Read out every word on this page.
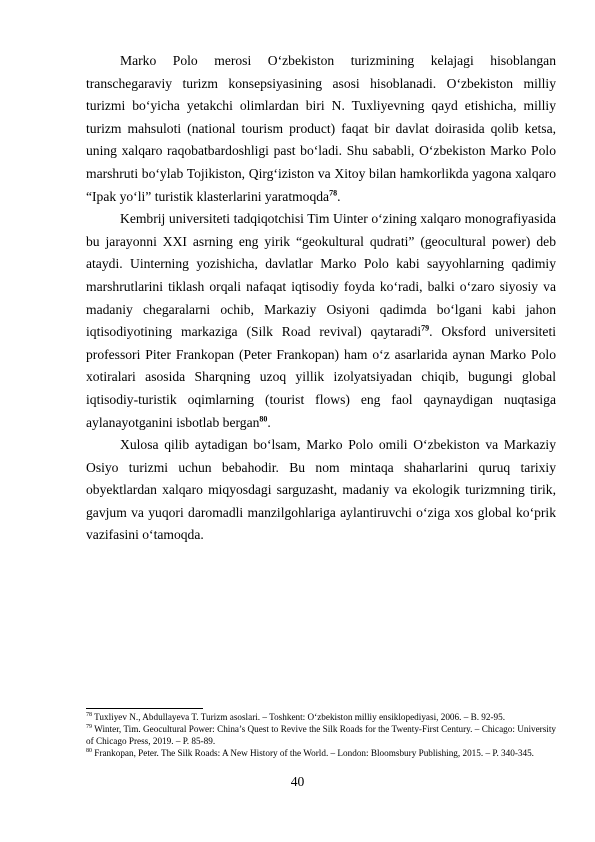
Marko Polo merosi O‘zbekiston turizmining kelajagi hisoblangan transchegaraviy turizm konsepsiyasining asosi hisoblanadi. O‘zbekiston milliy turizmi bo‘yicha yetakchi olimlardan biri N. Tuxliyevning qayd etishicha, milliy turizm mahsuloti (national tourism product) faqat bir davlat doirasida qolib ketsa, uning xalqaro raqobatbardoshligi past bo‘ladi. Shu sababli, O‘zbekiston Marko Polo marshruti bo‘ylab Tojikiston, Qirg‘iziston va Xitoy bilan hamkorlikda yagona xalqaro “Ipak yo‘li” turistik klasterlarini yaratmoqda$^{78}$.

Kembrij universiteti tadqiqotchisi Tim Uinter o‘zining xalqaro monografiyasida bu jarayonni XXI asrning eng yirik “geokultural qudrati” (geocultural power) deb ataydi. Uinterning yozishicha, davlatlar Marko Polo kabi sayyohlarning qadimiy marshrutlarini tiklash orqali nafaqat iqtisodiy foyda ko‘radi, balki o‘zaro siyosiy va madaniy chegaralarni ochib, Markaziy Osiyoni qadimda bo‘lgani kabi jahon iqtisodiyotining markaziga (Silk Road revival) qaytaradi$^{79}$. Oksford universiteti professori Piter Frankopan (Peter Frankopan) ham o‘z asarlarida aynan Marko Polo xotiralari asosida Sharqning uzoq yillik izolyatsiyadan chiqib, bugungi global iqtisodiy-turistik oqimlarning (tourist flows) eng faol qaynaydigan nuqtasiga aylanayotganini isbotlab bergan$^{80}$.

Xulosa qilib aytadigan bo‘lsam, Marko Polo omili O‘zbekiston va Markaziy Osiyo turizmi uchun bebahodir. Bu nom mintaqa shaharlarini quruq tarixiy obyektlardan xalqaro miqyosdagi sarguzasht, madaniy va ekologik turizmning tirik, gavjum va yuqori daromadli manzilgohlariga aylantiruvchi o‘ziga xos global ko‘prik vazifasini o‘tamoqda.

$^{78}$ Tuxliyev N., Abdullayeva T. Turizm asoslari. – Toshkent: O‘zbekiston milliy ensiklopediyasi, 2006. – B. 92-95.

$^{79}$ Winter, Tim. Geocultural Power: China’s Quest to Revive the Silk Roads for the Twenty-First Century. – Chicago: University of Chicago Press, 2019. – P. 85-89.

$^{80}$ Frankopan, Peter. The Silk Roads: A New History of the World. – London: Bloomsbury Publishing, 2015. – P. 340-345.

40
